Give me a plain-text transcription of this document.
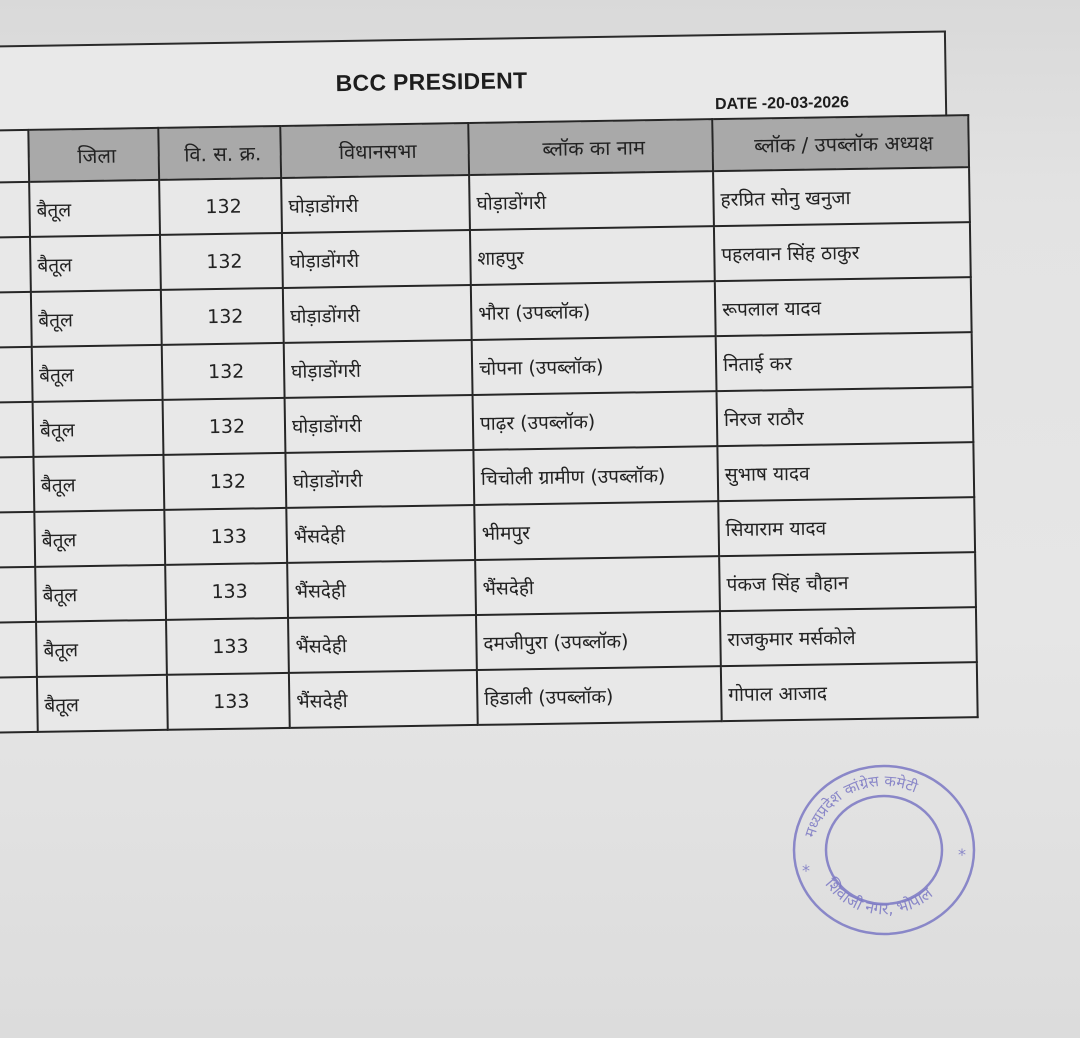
BCC PRESIDENT
DATE -20-03-2026
	जिला	वि. स. क्र.	विधानसभा	ब्लॉक का नाम	ब्लॉक / उपब्लॉक अध्यक्ष
	बैतूल	132	घोड़ाडोंगरी	घोड़ाडोंगरी	हरप्रित सोनु खनुजा
	बैतूल	132	घोड़ाडोंगरी	शाहपुर	पहलवान सिंह ठाकुर
	बैतूल	132	घोड़ाडोंगरी	भौरा (उपब्लॉक)	रूपलाल यादव
	बैतूल	132	घोड़ाडोंगरी	चोपना (उपब्लॉक)	निताई कर
	बैतूल	132	घोड़ाडोंगरी	पाढ़र (उपब्लॉक)	निरज राठौर
	बैतूल	132	घोड़ाडोंगरी	चिचोली ग्रामीण (उपब्लॉक)	सुभाष यादव
	बैतूल	133	भैंसदेही	भीमपुर	सियाराम यादव
	बैतूल	133	भैंसदेही	भैंसदेही	पंकज सिंह चौहान
	बैतूल	133	भैंसदेही	दमजीपुरा (उपब्लॉक)	राजकुमार मर्सकोले
	बैतूल	133	भैंसदेही	हिडाली (उपब्लॉक)	गोपाल आजाद
मध्यप्रदेश कांग्रेस कमेटी
शिवाजी नगर, भोपाल
*
*
